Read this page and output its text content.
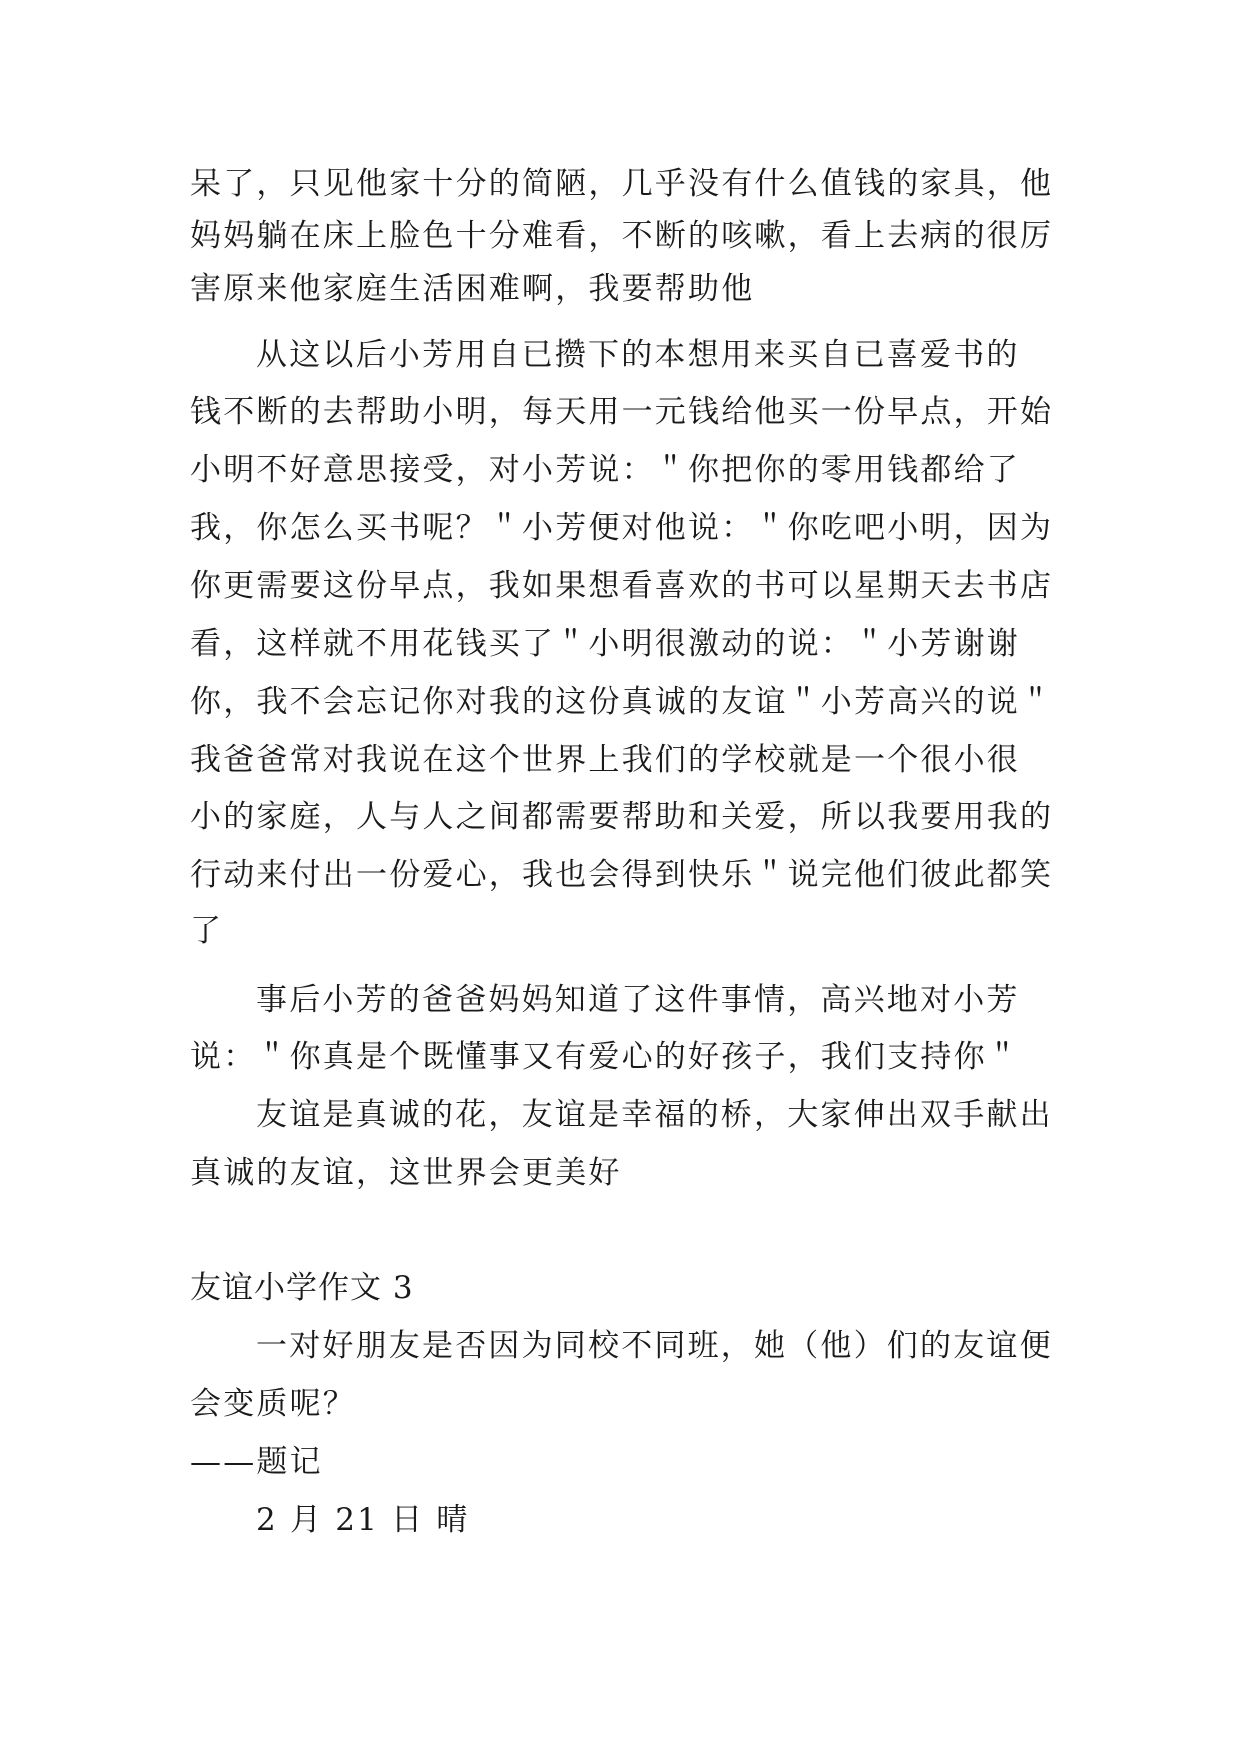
呆了，只见他家十分的简陋，几乎没有什么值钱的家具，他
妈妈躺在床上脸色十分难看，不断的咳嗽，看上去病的很厉
害原来他家庭生活困难啊，我要帮助他
从这以后小芳用自已攒下的本想用来买自已喜爱书的
钱不断的去帮助小明，每天用一元钱给他买一份早点，开始
小明不好意思接受，对小芳说：＂你把你的零用钱都给了
我，你怎么买书呢？＂小芳便对他说：＂你吃吧小明，因为
你更需要这份早点，我如果想看喜欢的书可以星期天去书店
看，这样就不用花钱买了＂小明很激动的说：＂小芳谢谢
你，我不会忘记你对我的这份真诚的友谊＂小芳高兴的说＂
我爸爸常对我说在这个世界上我们的学校就是一个很小很
小的家庭，人与人之间都需要帮助和关爱，所以我要用我的
行动来付出一份爱心，我也会得到快乐＂说完他们彼此都笑
了
事后小芳的爸爸妈妈知道了这件事情，高兴地对小芳
说：＂你真是个既懂事又有爱心的好孩子，我们支持你＂
友谊是真诚的花，友谊是幸福的桥，大家伸出双手献出
真诚的友谊，这世界会更美好
友谊小学作文 3
一对好朋友是否因为同校不同班，她（他）们的友谊便
会变质呢？
——题记
2 月 21 日 晴
